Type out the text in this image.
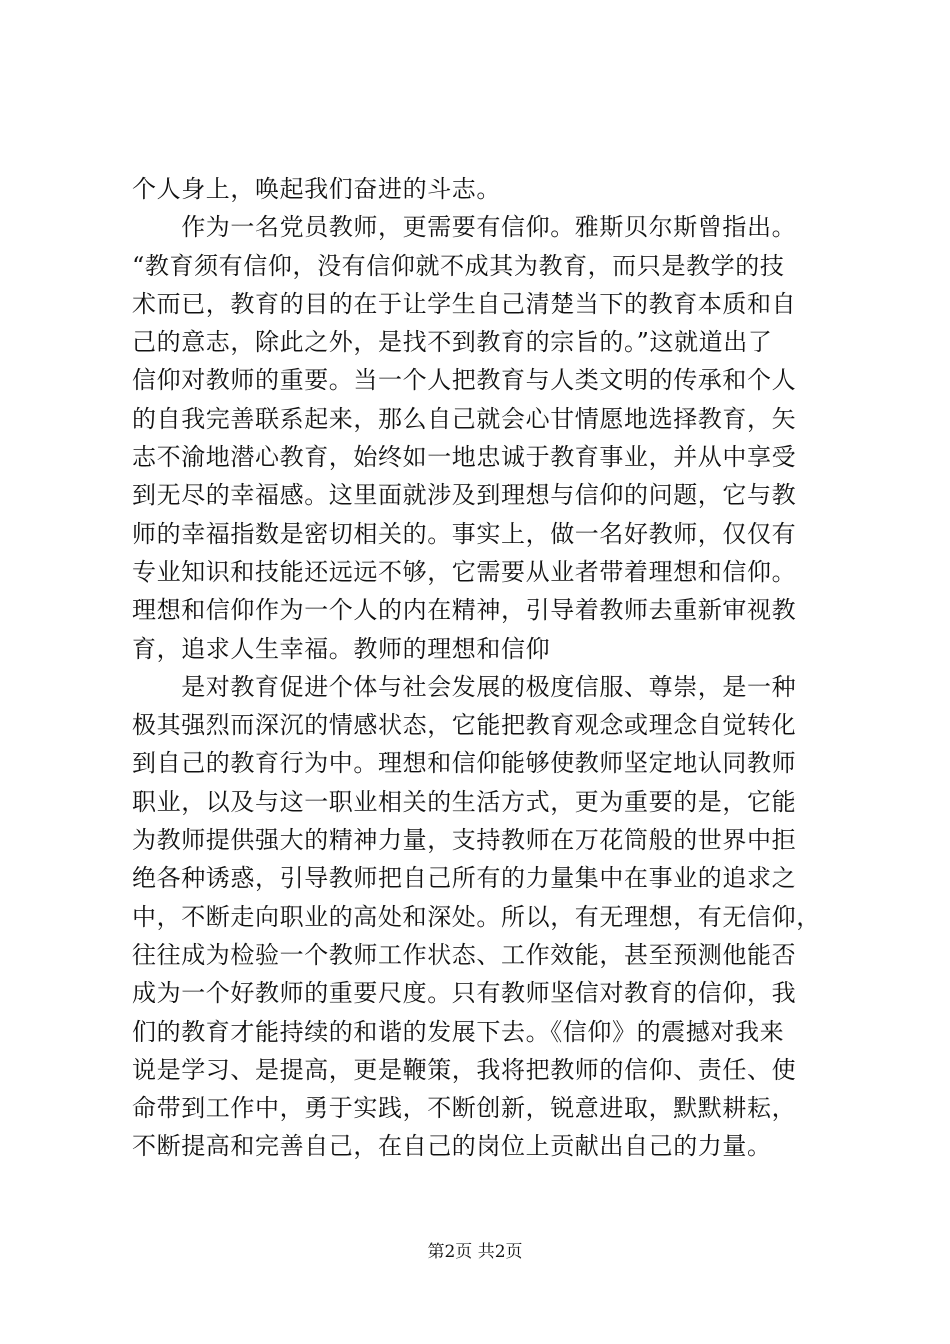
个人身上，唤起我们奋进的斗志。
　　作为一名党员教师，更需要有信仰。雅斯贝尔斯曾指出。
“教育须有信仰，没有信仰就不成其为教育，而只是教学的技
术而已，教育的目的在于让学生自己清楚当下的教育本质和自
己的意志，除此之外，是找不到教育的宗旨的。”这就道出了
信仰对教师的重要。当一个人把教育与人类文明的传承和个人
的自我完善联系起来，那么自己就会心甘情愿地选择教育，矢
志不渝地潜心教育，始终如一地忠诚于教育事业，并从中享受
到无尽的幸福感。这里面就涉及到理想与信仰的问题，它与教
师的幸福指数是密切相关的。事实上，做一名好教师，仅仅有
专业知识和技能还远远不够，它需要从业者带着理想和信仰。
理想和信仰作为一个人的内在精神，引导着教师去重新审视教
育，追求人生幸福。教师的理想和信仰
　　是对教育促进个体与社会发展的极度信服、尊崇，是一种
极其强烈而深沉的情感状态，它能把教育观念或理念自觉转化
到自己的教育行为中。理想和信仰能够使教师坚定地认同教师
职业，以及与这一职业相关的生活方式，更为重要的是，它能
为教师提供强大的精神力量，支持教师在万花筒般的世界中拒
绝各种诱惑，引导教师把自己所有的力量集中在事业的追求之
中，不断走向职业的高处和深处。所以，有无理想，有无信仰，
往往成为检验一个教师工作状态、工作效能，甚至预测他能否
成为一个好教师的重要尺度。只有教师坚信对教育的信仰，我
们的教育才能持续的和谐的发展下去。《信仰》的震撼对我来
说是学习、是提高，更是鞭策，我将把教师的信仰、责任、使
命带到工作中，勇于实践，不断创新，锐意进取，默默耕耘，
不断提高和完善自己，在自己的岗位上贡献出自己的力量。
第2页 共2页
